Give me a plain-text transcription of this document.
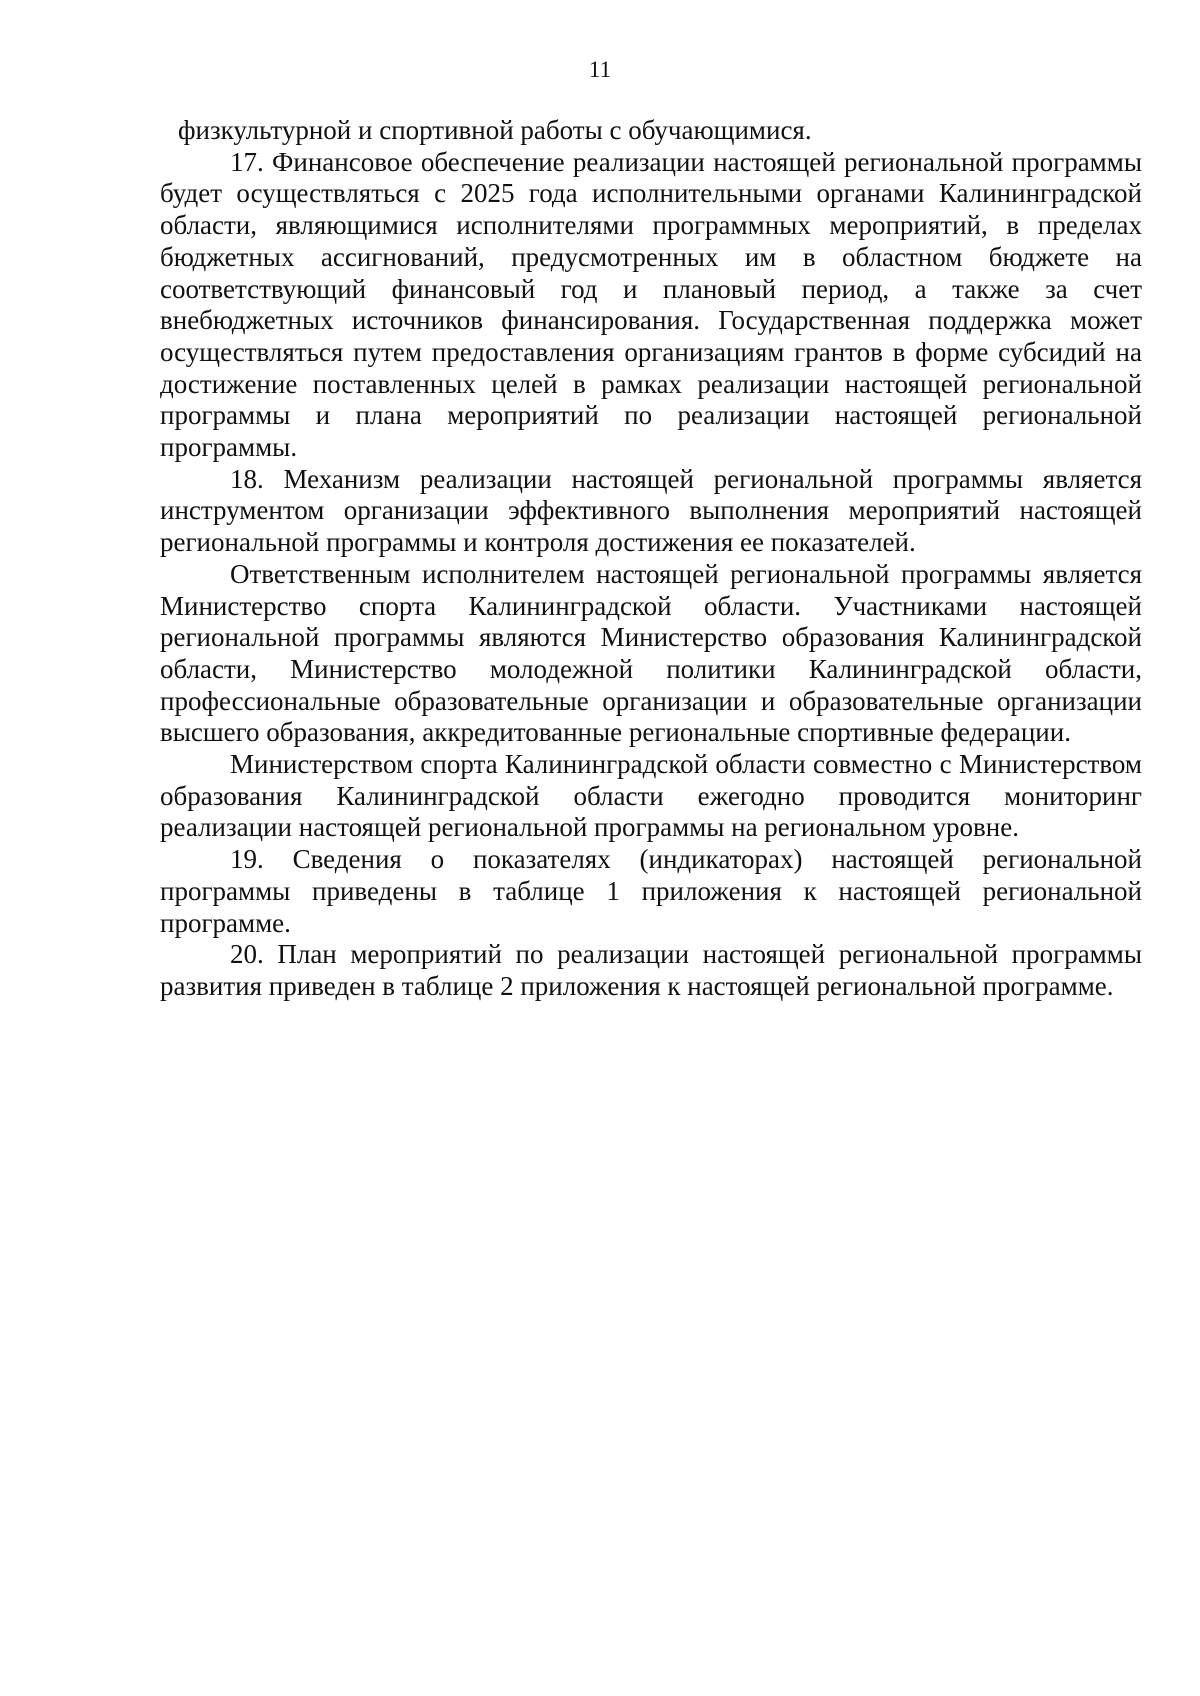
11

физкультурной и спортивной работы с обучающимися.

17. Финансовое обеспечение реализации настоящей региональной программы будет осуществляться с 2025 года исполнительными органами Калининградской области, являющимися исполнителями программных мероприятий, в пределах бюджетных ассигнований, предусмотренных им в областном бюджете на соответствующий финансовый год и плановый период, а также за счет внебюджетных источников финансирования. Государственная поддержка может осуществляться путем предоставления организациям грантов в форме субсидий на достижение поставленных целей в рамках реализации настоящей региональной программы и плана мероприятий по реализации настоящей региональной программы.

18. Механизм реализации настоящей региональной программы является инструментом организации эффективного выполнения мероприятий настоящей региональной программы и контроля достижения ее показателей.

Ответственным исполнителем настоящей региональной программы является Министерство спорта Калининградской области. Участниками настоящей региональной программы являются Министерство образования Калининградской области, Министерство молодежной политики Калининградской области, профессиональные образовательные организации и образовательные организации высшего образования, аккредитованные региональные спортивные федерации.

Министерством спорта Калининградской области совместно с Министерством образования Калининградской области ежегодно проводится мониторинг реализации настоящей региональной программы на региональном уровне.

19. Сведения о показателях (индикаторах) настоящей региональной программы приведены в таблице 1 приложения к настоящей региональной программе.

20. План мероприятий по реализации настоящей региональной программы развития приведен в таблице 2 приложения к настоящей региональной программе.
